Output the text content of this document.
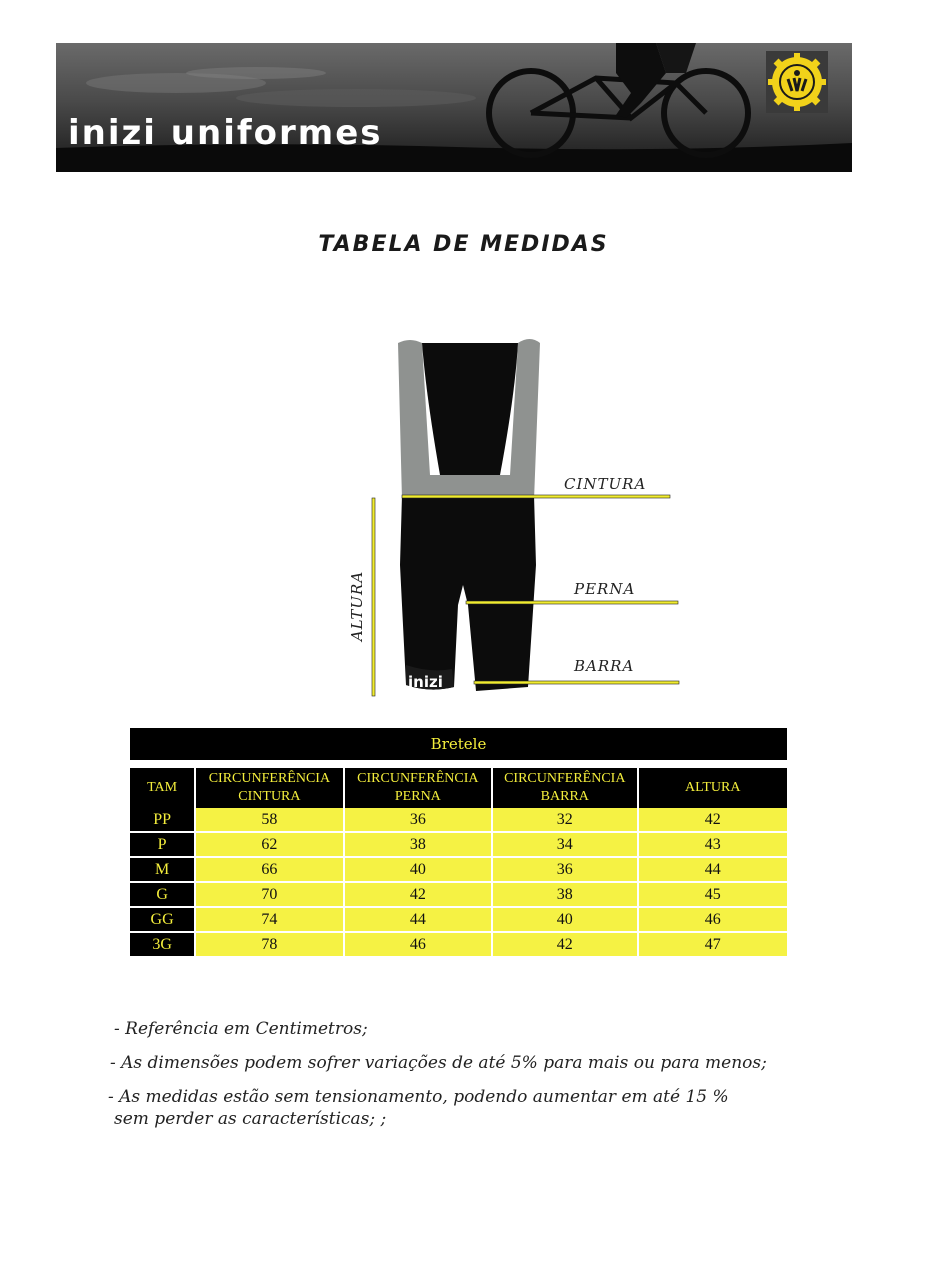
inizi uniformes
TABELA DE MEDIDAS
inizi
CINTURA
PERNA
BARRA
ALTURA
Bretele
TAM	CIRCUNFERÊNCIA CINTURA	CIRCUNFERÊNCIA PERNA	CIRCUNFERÊNCIA BARRA	ALTURA
PP	58	36	32	42
P	62	38	34	43
M	66	40	36	44
G	70	42	38	45
GG	74	44	40	46
3G	78	46	42	47

- Referência em Centimetros;

- As dimensões podem sofrer variações de até 5% para mais ou para menos;

- As medidas estão sem tensionamento, podendo aumentar em até 15 %

sem perder as características; ;
